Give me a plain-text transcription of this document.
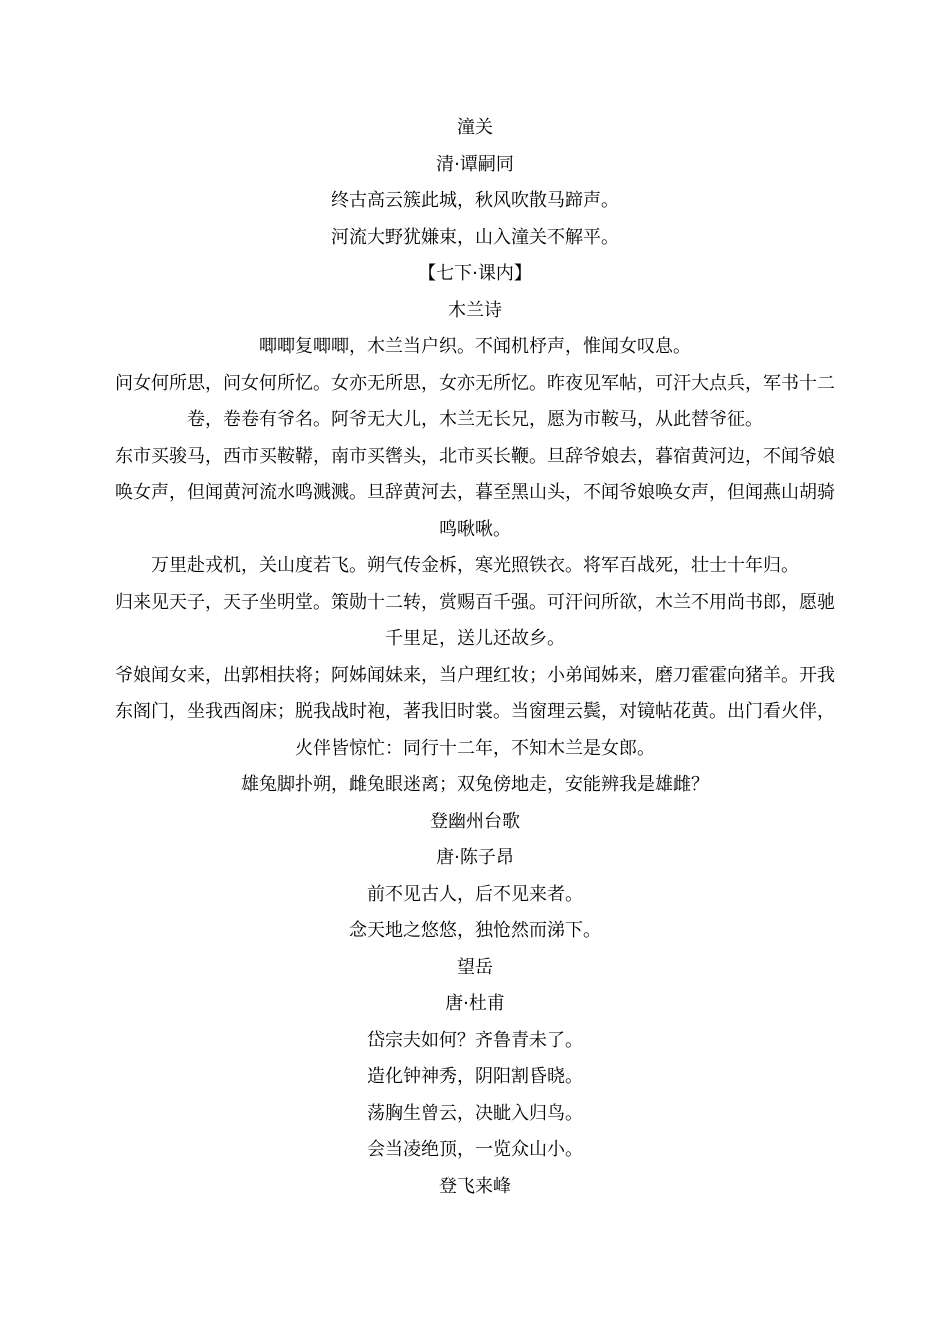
潼关
清·谭嗣同
终古高云簇此城，秋风吹散马蹄声。
河流大野犹嫌束，山入潼关不解平。
【七下·课内】
木兰诗
唧唧复唧唧，木兰当户织。不闻机杼声，惟闻女叹息。
问女何所思，问女何所忆。女亦无所思，女亦无所忆。昨夜见军帖，可汗大点兵，军书十二
卷，卷卷有爷名。阿爷无大儿，木兰无长兄，愿为市鞍马，从此替爷征。
东市买骏马，西市买鞍鞯，南市买辔头，北市买长鞭。旦辞爷娘去，暮宿黄河边，不闻爷娘
唤女声，但闻黄河流水鸣溅溅。旦辞黄河去，暮至黑山头，不闻爷娘唤女声，但闻燕山胡骑
鸣啾啾。
万里赴戎机，关山度若飞。朔气传金柝，寒光照铁衣。将军百战死，壮士十年归。
归来见天子，天子坐明堂。策勋十二转，赏赐百千强。可汗问所欲，木兰不用尚书郎，愿驰
千里足，送儿还故乡。
爷娘闻女来，出郭相扶将；阿姊闻妹来，当户理红妆；小弟闻姊来，磨刀霍霍向猪羊。开我
东阁门，坐我西阁床；脱我战时袍，著我旧时裳。当窗理云鬓，对镜帖花黄。出门看火伴，
火伴皆惊忙：同行十二年，不知木兰是女郎。
雄兔脚扑朔，雌兔眼迷离；双兔傍地走，安能辨我是雄雌？
登幽州台歌
唐·陈子昂
前不见古人，后不见来者。
念天地之悠悠，独怆然而涕下。
望岳
唐·杜甫
岱宗夫如何？齐鲁青未了。
造化钟神秀，阴阳割昏晓。
荡胸生曾云，决眦入归鸟。
会当凌绝顶，一览众山小。
登飞来峰
